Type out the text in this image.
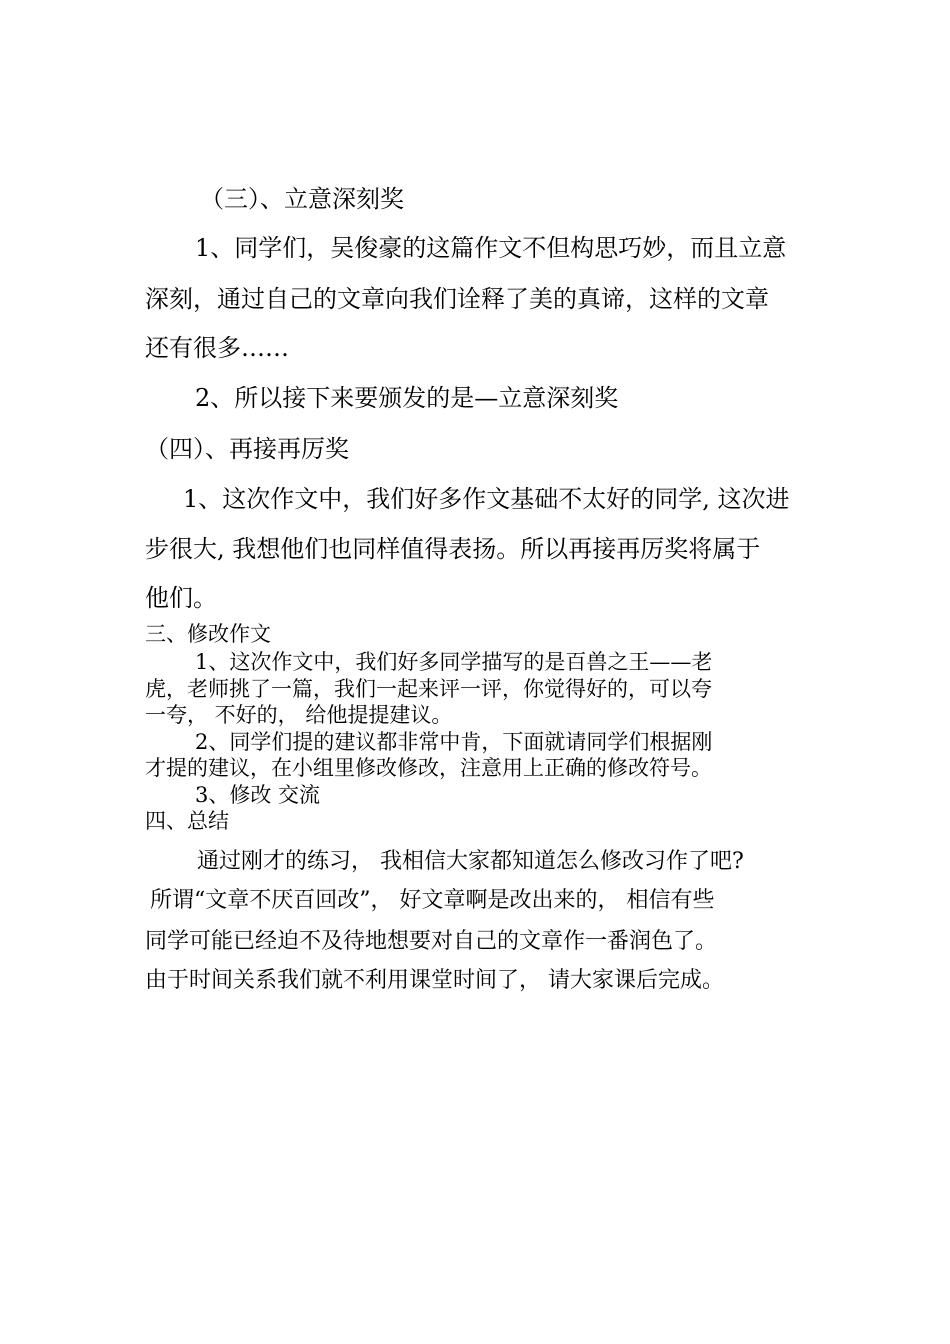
（三）、立意深刻奖

1、同学们，吴俊豪的这篇作文不但构思巧妙，而且立意

深刻，通过自己的文章向我们诠释了美的真谛，这样的文章

还有很多……

2、所以接下来要颁发的是—立意深刻奖

（四）、再接再厉奖

1、这次作文中，我们好多作文基础不太好的同学, 这次进

步很大, 我想他们也同样值得表扬。所以再接再厉奖将属于

他们。

三、修改作文

1、这次作文中，我们好多同学描写的是百兽之王——老

虎，老师挑了一篇，我们一起来评一评，你觉得好的，可以夸

一夸， 不好的， 给他提提建议。

2、同学们提的建议都非常中肯，下面就请同学们根据刚

才提的建议，在小组里修改修改，注意用上正确的修改符号。

3、修改 交流

四、总结

通过刚才的练习， 我相信大家都知道怎么修改习作了吧?

所谓“文章不厌百回改”， 好文章啊是改出来的， 相信有些

同学可能已经迫不及待地想要对自己的文章作一番润色了。

由于时间关系我们就不利用课堂时间了， 请大家课后完成。
